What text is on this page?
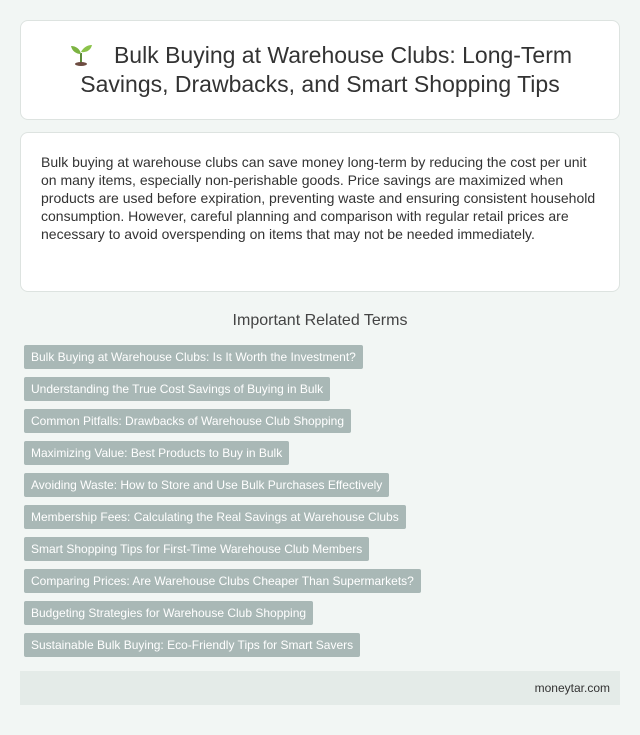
Bulk Buying at Warehouse Clubs: Long-Term Savings, Drawbacks, and Smart Shopping Tips

Bulk buying at warehouse clubs can save money long-term by reducing the cost per unit on many items, especially non-perishable goods. Price savings are maximized when products are used before expiration, preventing waste and ensuring consistent household consumption. However, careful planning and comparison with regular retail prices are necessary to avoid overspending on items that may not be needed immediately.

Important Related Terms
Bulk Buying at Warehouse Clubs: Is It Worth the Investment?
Understanding the True Cost Savings of Buying in Bulk
Common Pitfalls: Drawbacks of Warehouse Club Shopping
Maximizing Value: Best Products to Buy in Bulk
Avoiding Waste: How to Store and Use Bulk Purchases Effectively
Membership Fees: Calculating the Real Savings at Warehouse Clubs
Smart Shopping Tips for First-Time Warehouse Club Members
Comparing Prices: Are Warehouse Clubs Cheaper Than Supermarkets?
Budgeting Strategies for Warehouse Club Shopping
Sustainable Bulk Buying: Eco-Friendly Tips for Smart Savers
moneytar.com
